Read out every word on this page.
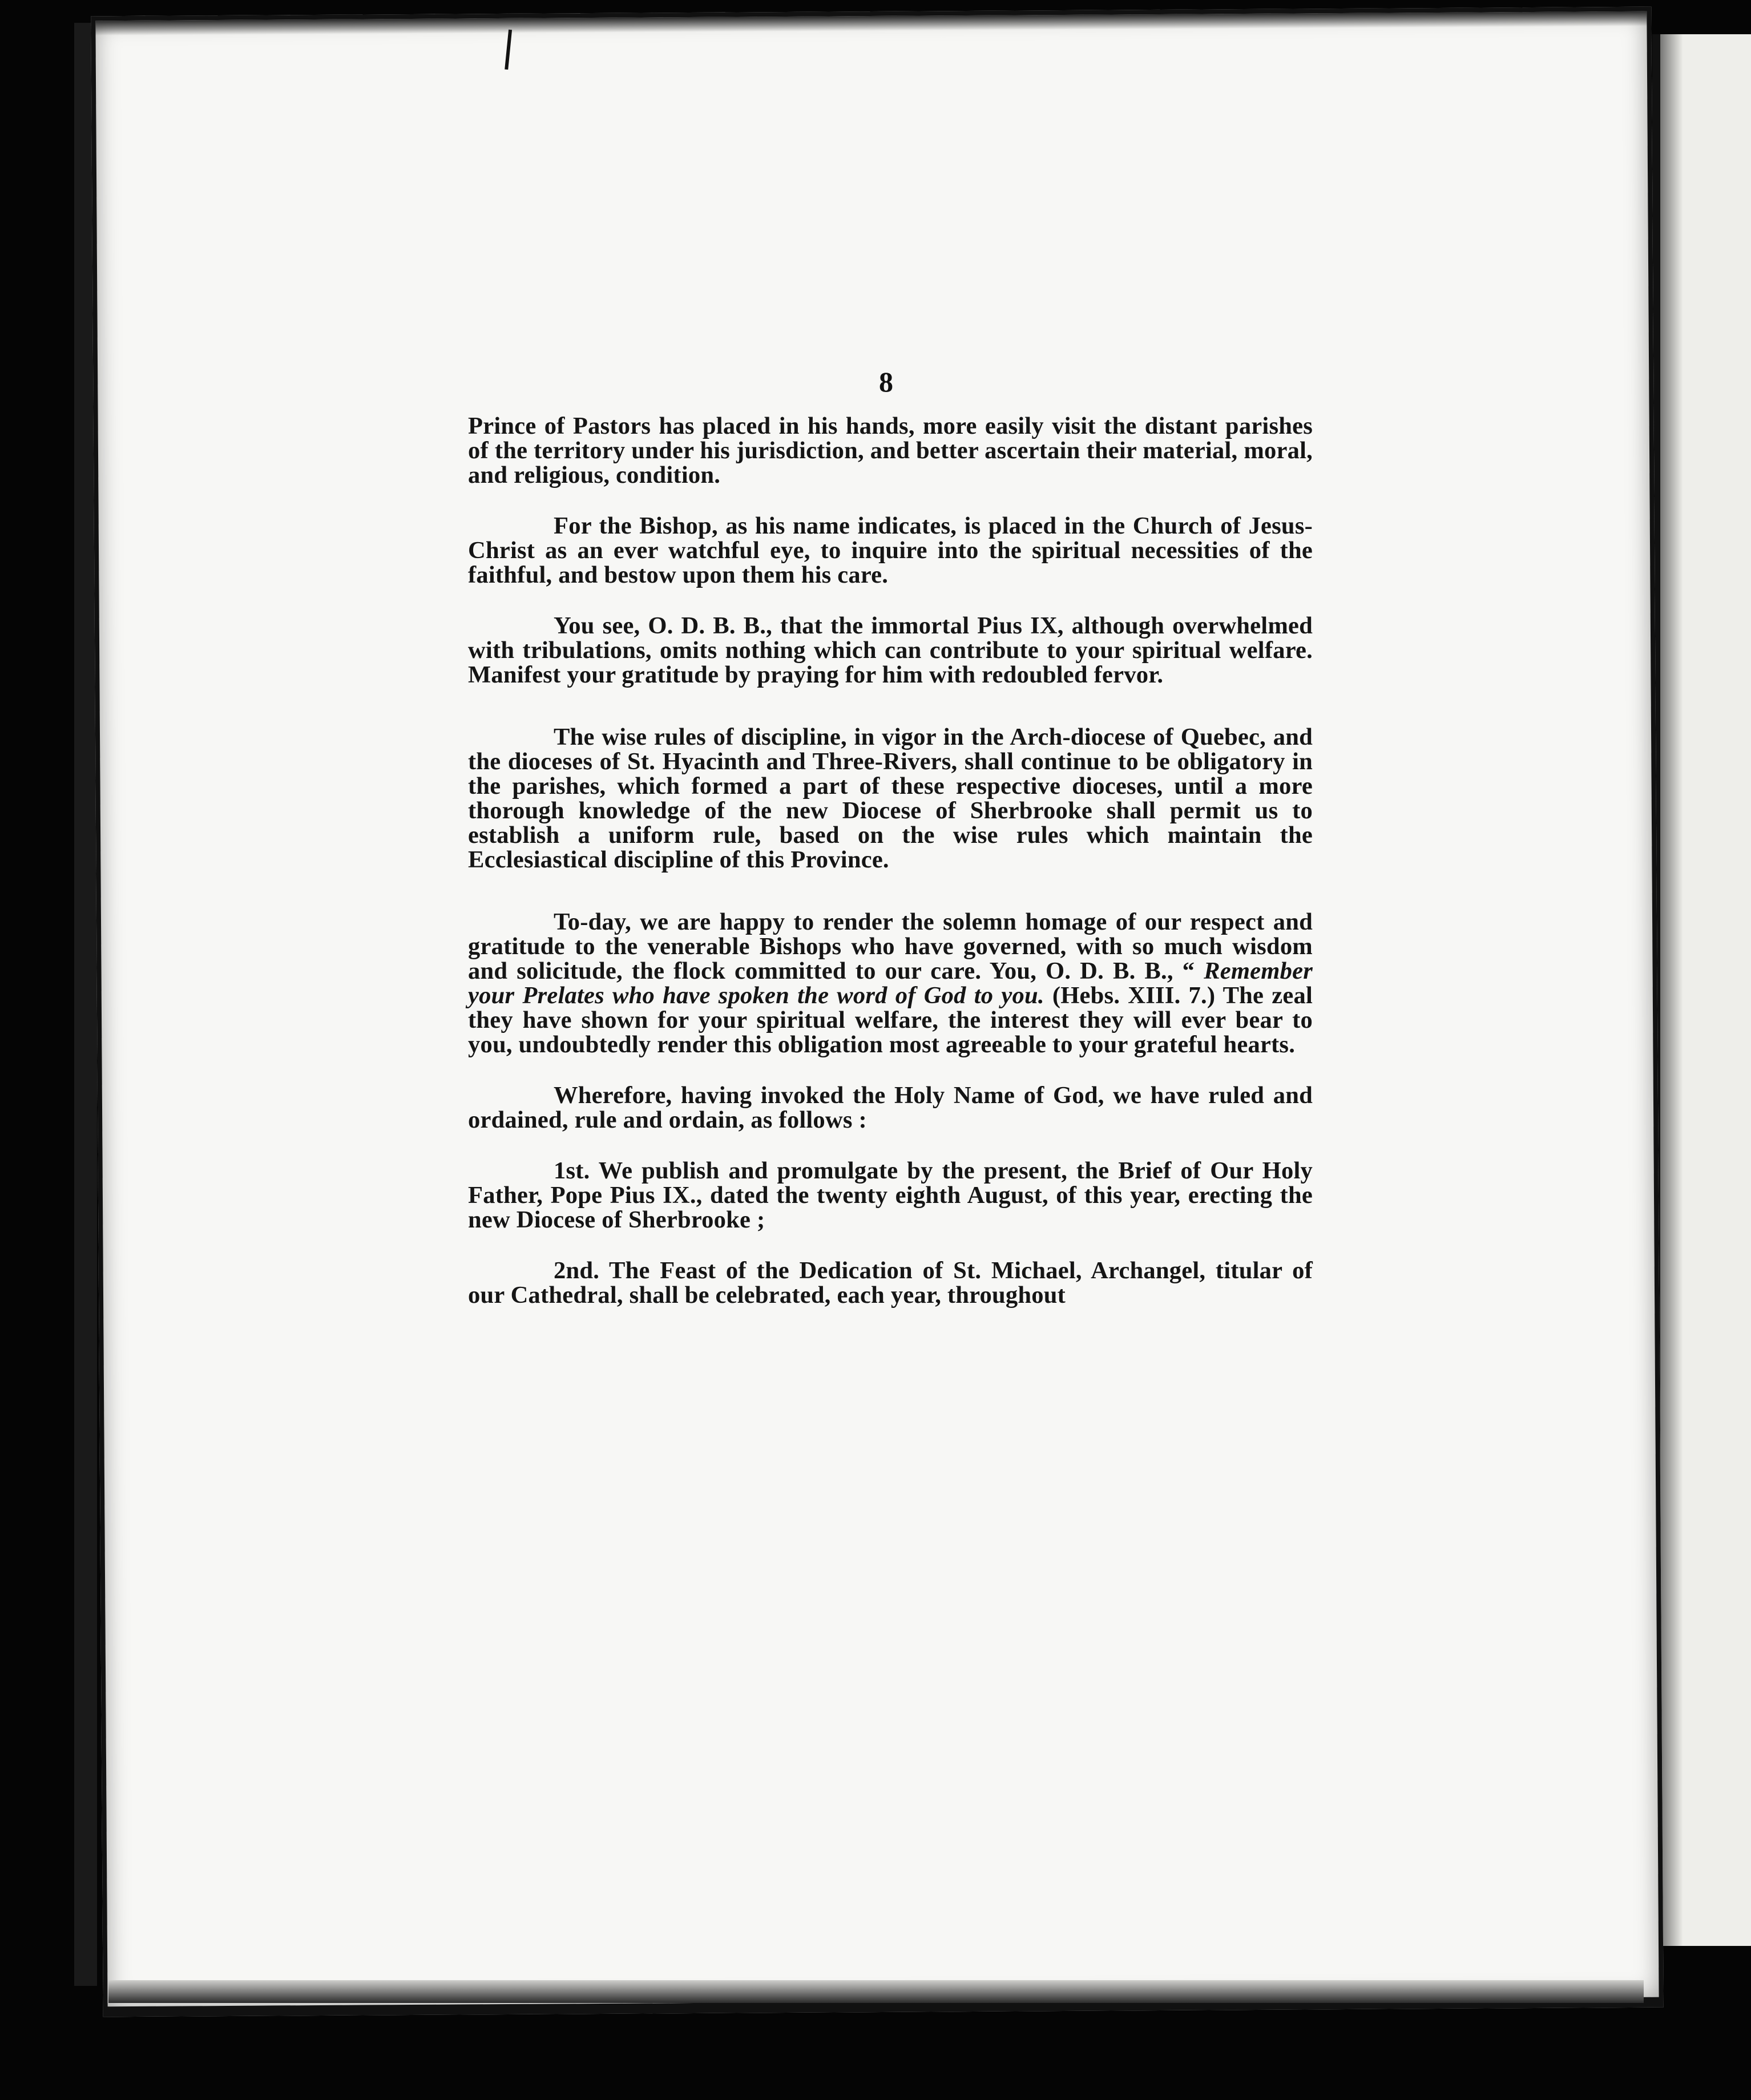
8

Prince of Pastors has placed in his hands, more easily visit the distant parishes of the territory under his jurisdiction, and better ascertain their material, moral, and religious, condition.

For the Bishop, as his name indicates, is placed in the Church of Jesus-Christ as an ever watchful eye, to inquire into the spiritual necessities of the faithful, and bestow upon them his care.

You see, O. D. B. B., that the immortal Pius IX, although overwhelmed with tribulations, omits nothing which can contribute to your spiritual welfare. Manifest your gratitude by praying for him with redoubled fervor.

The wise rules of discipline, in vigor in the Arch-diocese of Quebec, and the dioceses of St. Hyacinth and Three-Rivers, shall continue to be obligatory in the parishes, which formed a part of these respective dioceses, until a more thorough knowledge of the new Diocese of Sherbrooke shall permit us to establish a uniform rule, based on the wise rules which maintain the Ecclesiastical discipline of this Province.

To-day, we are happy to render the solemn homage of our respect and gratitude to the venerable Bishops who have governed, with so much wisdom and solicitude, the flock committed to our care. You, O. D. B. B., “ Remember your Prelates who have spoken the word of God to you. (Hebs. XIII. 7.) The zeal they have shown for your spiritual welfare, the interest they will ever bear to you, undoubtedly render this obligation most agreeable to your grateful hearts.

Wherefore, having invoked the Holy Name of God, we have ruled and ordained, rule and ordain, as follows :

1st. We publish and promulgate by the present, the Brief of Our Holy Father, Pope Pius IX., dated the twenty eighth August, of this year, erecting the new Diocese of Sherbrooke ;

2nd. The Feast of the Dedication of St. Michael, Archangel, titular of our Cathedral, shall be celebrated, each year, throughout
